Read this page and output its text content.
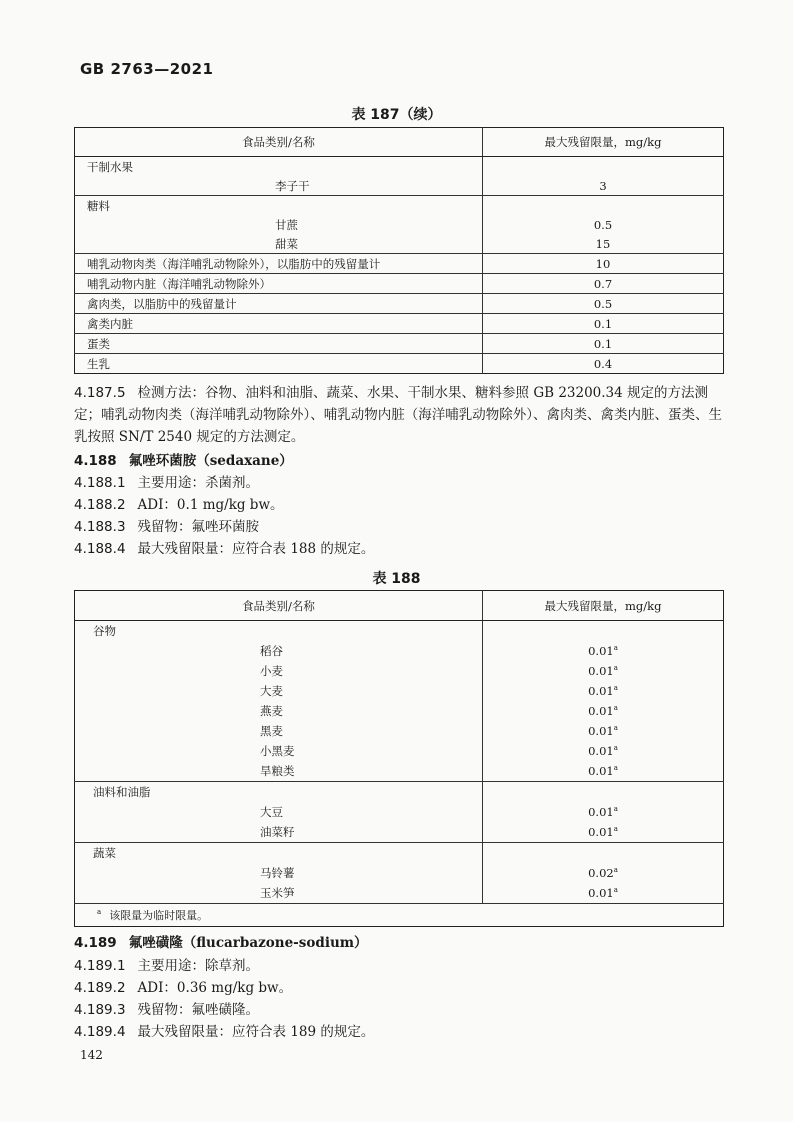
GB 2763—2021
表 187（续）
食品类别/名称	最大残留限量，mg/kg
干制水果	
李子干	3
糖料	
甘蔗	0.5
甜菜	15
哺乳动物肉类（海洋哺乳动物除外），以脂肪中的残留量计	10
哺乳动物内脏（海洋哺乳动物除外）	0.7
禽肉类，以脂肪中的残留量计	0.5
禽类内脏	0.1
蛋类	0.1
生乳	0.4
4.187.5 检测方法：谷物、油料和油脂、蔬菜、水果、干制水果、糖料参照 GB 23200.34 规定的方法测定；哺乳动物肉类（海洋哺乳动物除外）、哺乳动物内脏（海洋哺乳动物除外）、禽肉类、禽类内脏、蛋类、生乳按照 SN/T 2540 规定的方法测定。
4.188 氟唑环菌胺（sedaxane）
4.188.1 主要用途：杀菌剂。
4.188.2 ADI：0.1 mg/kg bw。
4.188.3 残留物：氟唑环菌胺
4.188.4 最大残留限量：应符合表 188 的规定。
表 188
食品类别/名称	最大残留限量，mg/kg
谷物	
稻谷	0.01$^a$
小麦	0.01$^a$
大麦	0.01$^a$
燕麦	0.01$^a$
黑麦	0.01$^a$
小黑麦	0.01$^a$
旱粮类	0.01$^a$
油料和油脂	
大豆	0.01$^a$
油菜籽	0.01$^a$
蔬菜	
马铃薯	0.02$^a$
玉米笋	0.01$^a$
$^a$ 该限量为临时限量。	
4.189 氟唑磺隆（flucarbazone-sodium）
4.189.1 主要用途：除草剂。
4.189.2 ADI：0.36 mg/kg bw。
4.189.3 残留物：氟唑磺隆。
4.189.4 最大残留限量：应符合表 189 的规定。
142
